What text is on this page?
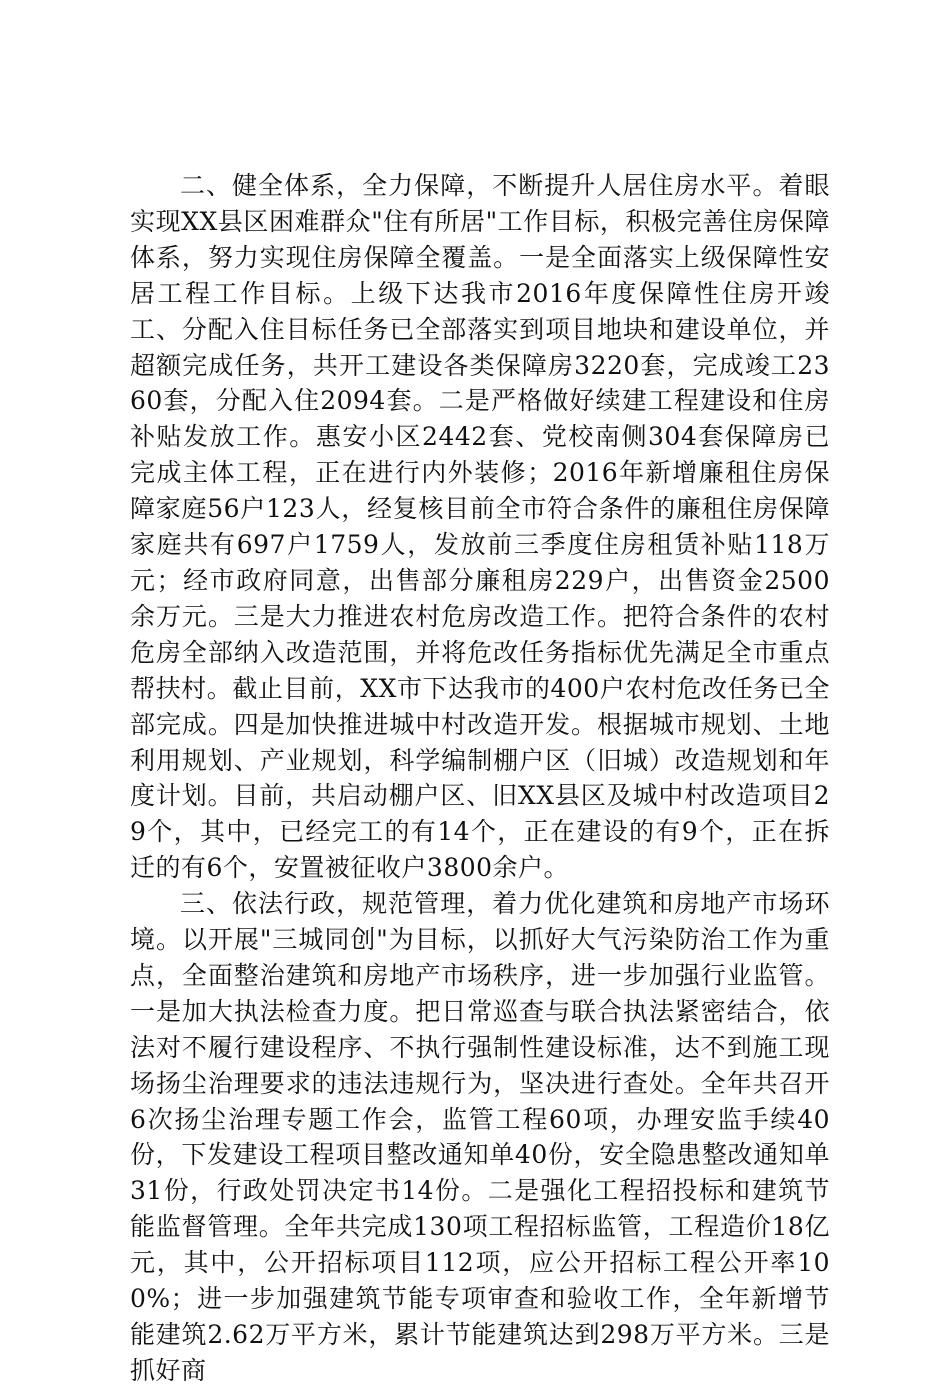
二、健全体系，全力保障，不断提升人居住房水平。着眼实现XX县区困难群众"住有所居"工作目标，积极完善住房保障体系，努力实现住房保障全覆盖。一是全面落实上级保障性安居工程工作目标。上级下达我市2016年度保障性住房开竣工、分配入住目标任务已全部落实到项目地块和建设单位，并超额完成任务，共开工建设各类保障房3220套，完成竣工2360套，分配入住2094套。二是严格做好续建工程建设和住房补贴发放工作。惠安小区2442套、党校南侧304套保障房已完成主体工程，正在进行内外装修；2016年新增廉租住房保障家庭56户123人，经复核目前全市符合条件的廉租住房保障家庭共有697户1759人，发放前三季度住房租赁补贴118万元；经市政府同意，出售部分廉租房229户，出售资金2500余万元。三是大力推进农村危房改造工作。把符合条件的农村危房全部纳入改造范围，并将危改任务指标优先满足全市重点帮扶村。截止目前，XX市下达我市的400户农村危改任务已全部完成。四是加快推进城中村改造开发。根据城市规划、土地利用规划、产业规划，科学编制棚户区（旧城）改造规划和年度计划。目前，共启动棚户区、旧XX县区及城中村改造项目29个，其中，已经完工的有14个，正在建设的有9个，正在拆迁的有6个，安置被征收户3800余户。

三、依法行政，规范管理，着力优化建筑和房地产市场环境。以开展"三城同创"为目标，以抓好大气污染防治工作为重点，全面整治建筑和房地产市场秩序，进一步加强行业监管。一是加大执法检查力度。把日常巡查与联合执法紧密结合，依法对不履行建设程序、不执行强制性建设标准，达不到施工现场扬尘治理要求的违法违规行为，坚决进行查处。全年共召开6次扬尘治理专题工作会，监管工程60项，办理安监手续40份，下发建设工程项目整改通知单40份，安全隐患整改通知单31份，行政处罚决定书14份。二是强化工程招投标和建筑节能监督管理。全年共完成130项工程招标监管，工程造价18亿元，其中，公开招标项目112项，应公开招标工程公开率100%；进一步加强建筑节能专项审查和验收工作，全年新增节能建筑2.62万平方米，累计节能建筑达到298万平方米。三是抓好商
